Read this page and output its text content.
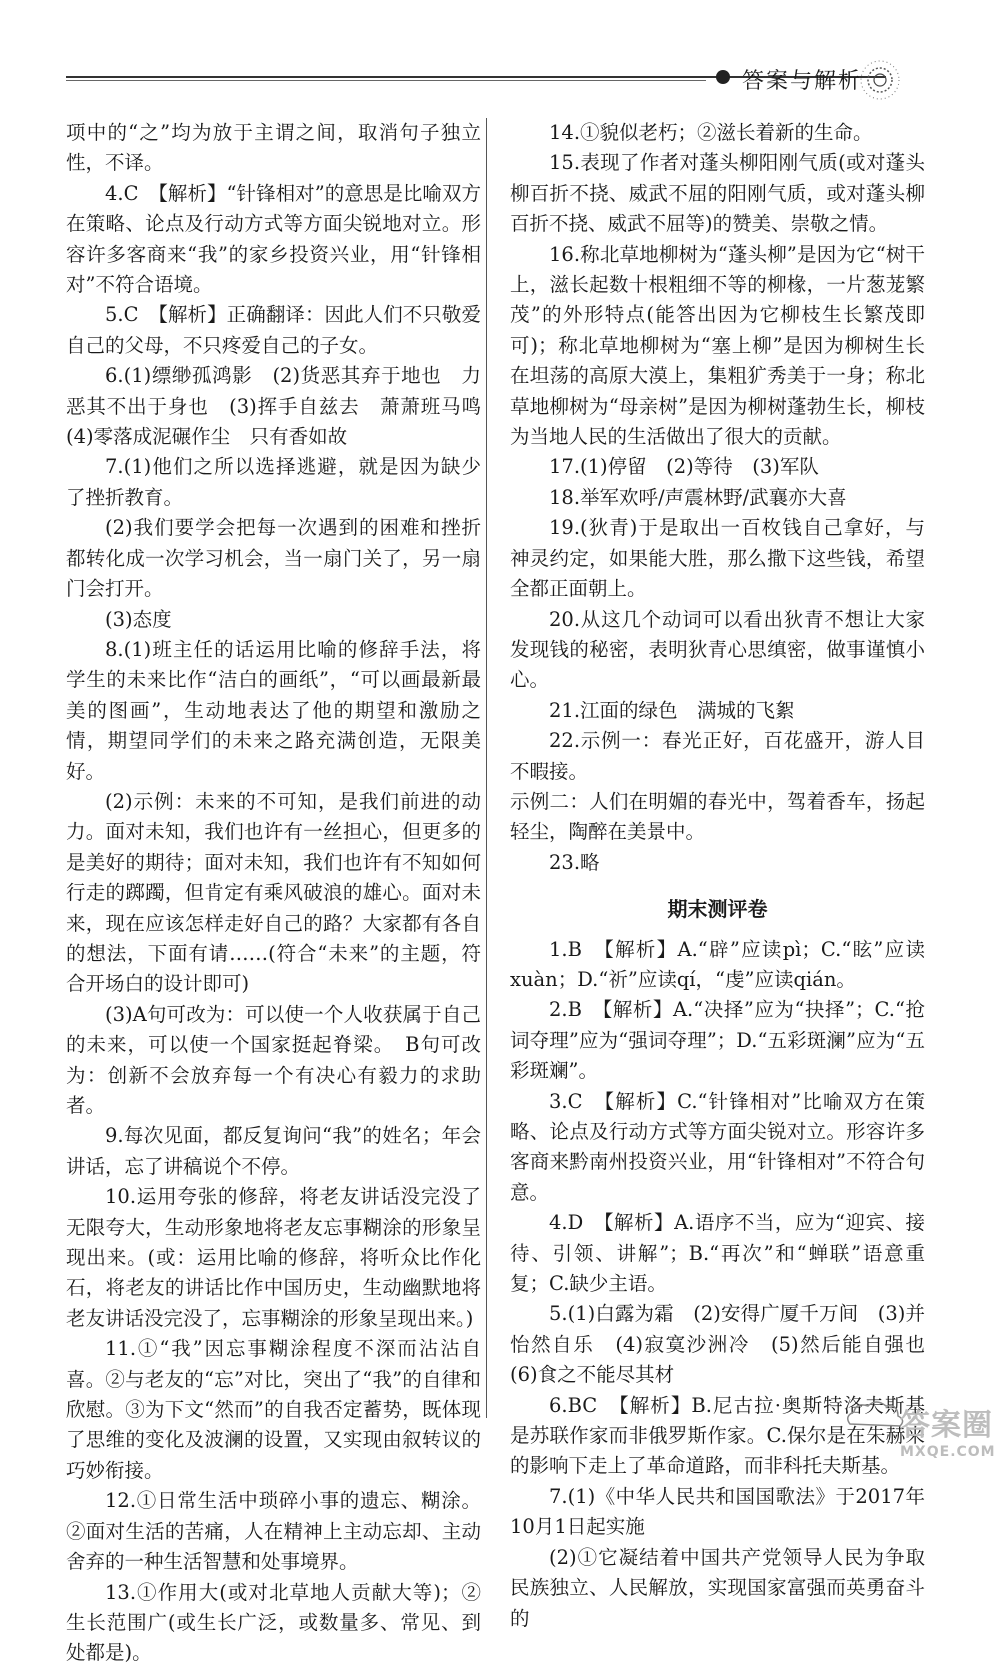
答案与解析

项中的“之”均为放于主谓之间，取消句子独立性，不译。

4.C　【解析】“针锋相对”的意思是比喻双方在策略、论点及行动方式等方面尖锐地对立。形容许多客商来“我”的家乡投资兴业，用“针锋相对”不符合语境。

5.C　【解析】正确翻译：因此人们不只敬爱自己的父母，不只疼爱自己的子女。

6.(1)缥缈孤鸿影　(2)货恶其弃于地也　力恶其不出于身也　(3)挥手自兹去　萧萧班马鸣　(4)零落成泥碾作尘　只有香如故

7.(1)他们之所以选择逃避，就是因为缺少了挫折教育。

(2)我们要学会把每一次遇到的困难和挫折都转化成一次学习机会，当一扇门关了，另一扇门会打开。

(3)态度

8.(1)班主任的话运用比喻的修辞手法，将学生的未来比作“洁白的画纸”，“可以画最新最美的图画”，生动地表达了他的期望和激励之情，期望同学们的未来之路充满创造，无限美好。

(2)示例：未来的不可知，是我们前进的动力。面对未知，我们也许有一丝担心，但更多的是美好的期待；面对未知，我们也许有不知如何行走的踯躅，但肯定有乘风破浪的雄心。面对未来，现在应该怎样走好自己的路？大家都有各自的想法，下面有请……(符合“未来”的主题，符合开场白的设计即可)

(3)A句可改为：可以使一个人收获属于自己的未来，可以使一个国家挺起脊梁。　B句可改为：创新不会放弃每一个有决心有毅力的求助者。

9.每次见面，都反复询问“我”的姓名；年会讲话，忘了讲稿说个不停。

10.运用夸张的修辞，将老友讲话没完没了无限夸大，生动形象地将老友忘事糊涂的形象呈现出来。(或：运用比喻的修辞，将听众比作化石，将老友的讲话比作中国历史，生动幽默地将老友讲话没完没了，忘事糊涂的形象呈现出来。)

11.①“我”因忘事糊涂程度不深而沾沾自喜。②与老友的“忘”对比，突出了“我”的自律和欣慰。③为下文“然而”的自我否定蓄势，既体现了思维的变化及波澜的设置，又实现由叙转议的巧妙衔接。

12.①日常生活中琐碎小事的遗忘、糊涂。②面对生活的苦痛，人在精神上主动忘却、主动舍弃的一种生活智慧和处事境界。

13.①作用大(或对北草地人贡献大等)；②生长范围广(或生长广泛，或数量多、常见、到处都是)。

14.①貌似老朽；②滋长着新的生命。

15.表现了作者对蓬头柳阳刚气质(或对蓬头柳百折不挠、威武不屈的阳刚气质，或对蓬头柳百折不挠、威武不屈等)的赞美、崇敬之情。

16.称北草地柳树为“蓬头柳”是因为它“树干上，滋长起数十根粗细不等的柳椽，一片葱茏繁茂”的外形特点(能答出因为它柳枝生长繁茂即可)；称北草地柳树为“塞上柳”是因为柳树生长在坦荡的高原大漠上，集粗犷秀美于一身；称北草地柳树为“母亲树”是因为柳树蓬勃生长，柳枝为当地人民的生活做出了很大的贡献。

17.(1)停留　(2)等待　(3)军队

18.举军欢呼/声震林野/武襄亦大喜

19.(狄青)于是取出一百枚钱自己拿好，与神灵约定，如果能大胜，那么撒下这些钱，希望全都正面朝上。

20.从这几个动词可以看出狄青不想让大家发现钱的秘密，表明狄青心思缜密，做事谨慎小心。

21.江面的绿色　满城的飞絮

22.示例一：春光正好，百花盛开，游人目不暇接。

示例二：人们在明媚的春光中，驾着香车，扬起轻尘，陶醉在美景中。

23.略

期末测评卷

1.B　【解析】A.“辟”应读pì；C.“眩”应读xuàn；D.“祈”应读qí，“虔”应读qián。

2.B　【解析】A.“决择”应为“抉择”；C.“抢词夺理”应为“强词夺理”；D.“五彩斑澜”应为“五彩斑斓”。

3.C　【解析】C.“针锋相对”比喻双方在策略、论点及行动方式等方面尖锐对立。形容许多客商来黔南州投资兴业，用“针锋相对”不符合句意。

4.D　【解析】A.语序不当，应为“迎宾、接待、引领、讲解”；B.“再次”和“蝉联”语意重复；C.缺少主语。

5.(1)白露为霜　(2)安得广厦千万间　(3)并怡然自乐　(4)寂寞沙洲冷　(5)然后能自强也　(6)食之不能尽其材

6.BC　【解析】B.尼古拉·奥斯特洛夫斯基是苏联作家而非俄罗斯作家。C.保尔是在朱赫来的影响下走上了革命道路，而非科托夫斯基。

7.(1)《中华人民共和国国歌法》于2017年10月1日起实施

(2)①它凝结着中国共产党领导人民为争取民族独立、人民解放，实现国家富强而英勇奋斗的

答案圈
MXQE.COM
